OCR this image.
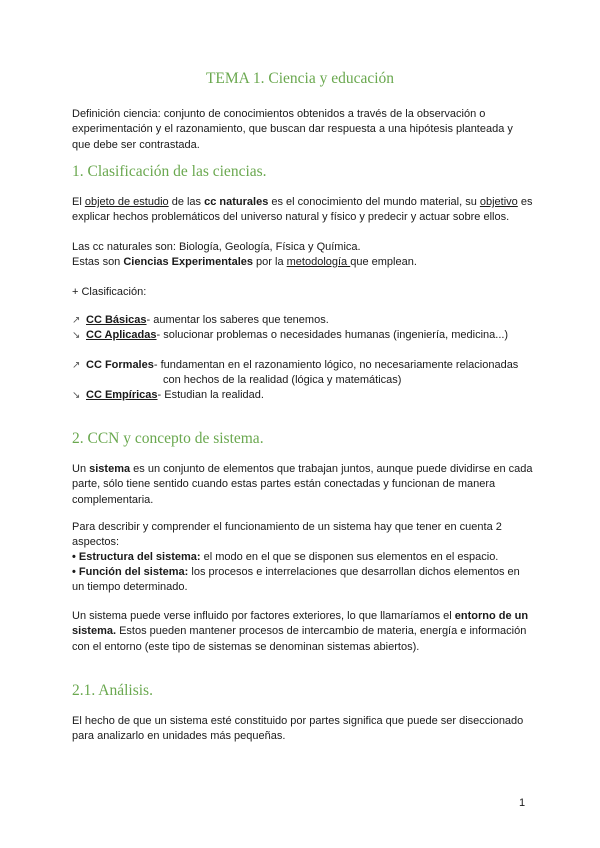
TEMA 1. Ciencia y educación

Definición ciencia: conjunto de conocimientos obtenidos a través de la observación o experimentación y el razonamiento, que buscan dar respuesta a una hipótesis planteada y que debe ser contrastada.

1. Clasificación de las ciencias.

El objeto de estudio de las cc naturales es el conocimiento del mundo material, su objetivo es explicar hechos problemáticos del universo natural y físico y predecir y actuar sobre ellos.

Las cc naturales son: Biología, Geología, Física y Química.

Estas son Ciencias Experimentales por la metodología que emplean.

+ Clasificación:

↗ CC Básicas- aumentar los saberes que tenemos.
↘ CC Aplicadas- solucionar problemas o necesidades humanas (ingeniería, medicina...)
↗ CC Formales- fundamentan en el razonamiento lógico, no necesariamente relacionadas
con hechos de la realidad (lógica y matemáticas)
↘ CC Empíricas- Estudian la realidad.
2. CCN y concepto de sistema.

Un sistema es un conjunto de elementos que trabajan juntos, aunque puede dividirse en cada parte, sólo tiene sentido cuando estas partes están conectadas y funcionan de manera complementaria.

Para describir y comprender el funcionamiento de un sistema hay que tener en cuenta 2 aspectos:

• Estructura del sistema: el modo en el que se disponen sus elementos en el espacio.

• Función del sistema: los procesos e interrelaciones que desarrollan dichos elementos en un tiempo determinado.

Un sistema puede verse influido por factores exteriores, lo que llamaríamos el entorno de un sistema. Estos pueden mantener procesos de intercambio de materia, energía e información con el entorno (este tipo de sistemas se denominan sistemas abiertos).

2.1. Análisis.

El hecho de que un sistema esté constituido por partes significa que puede ser diseccionado para analizarlo en unidades más pequeñas.

1
